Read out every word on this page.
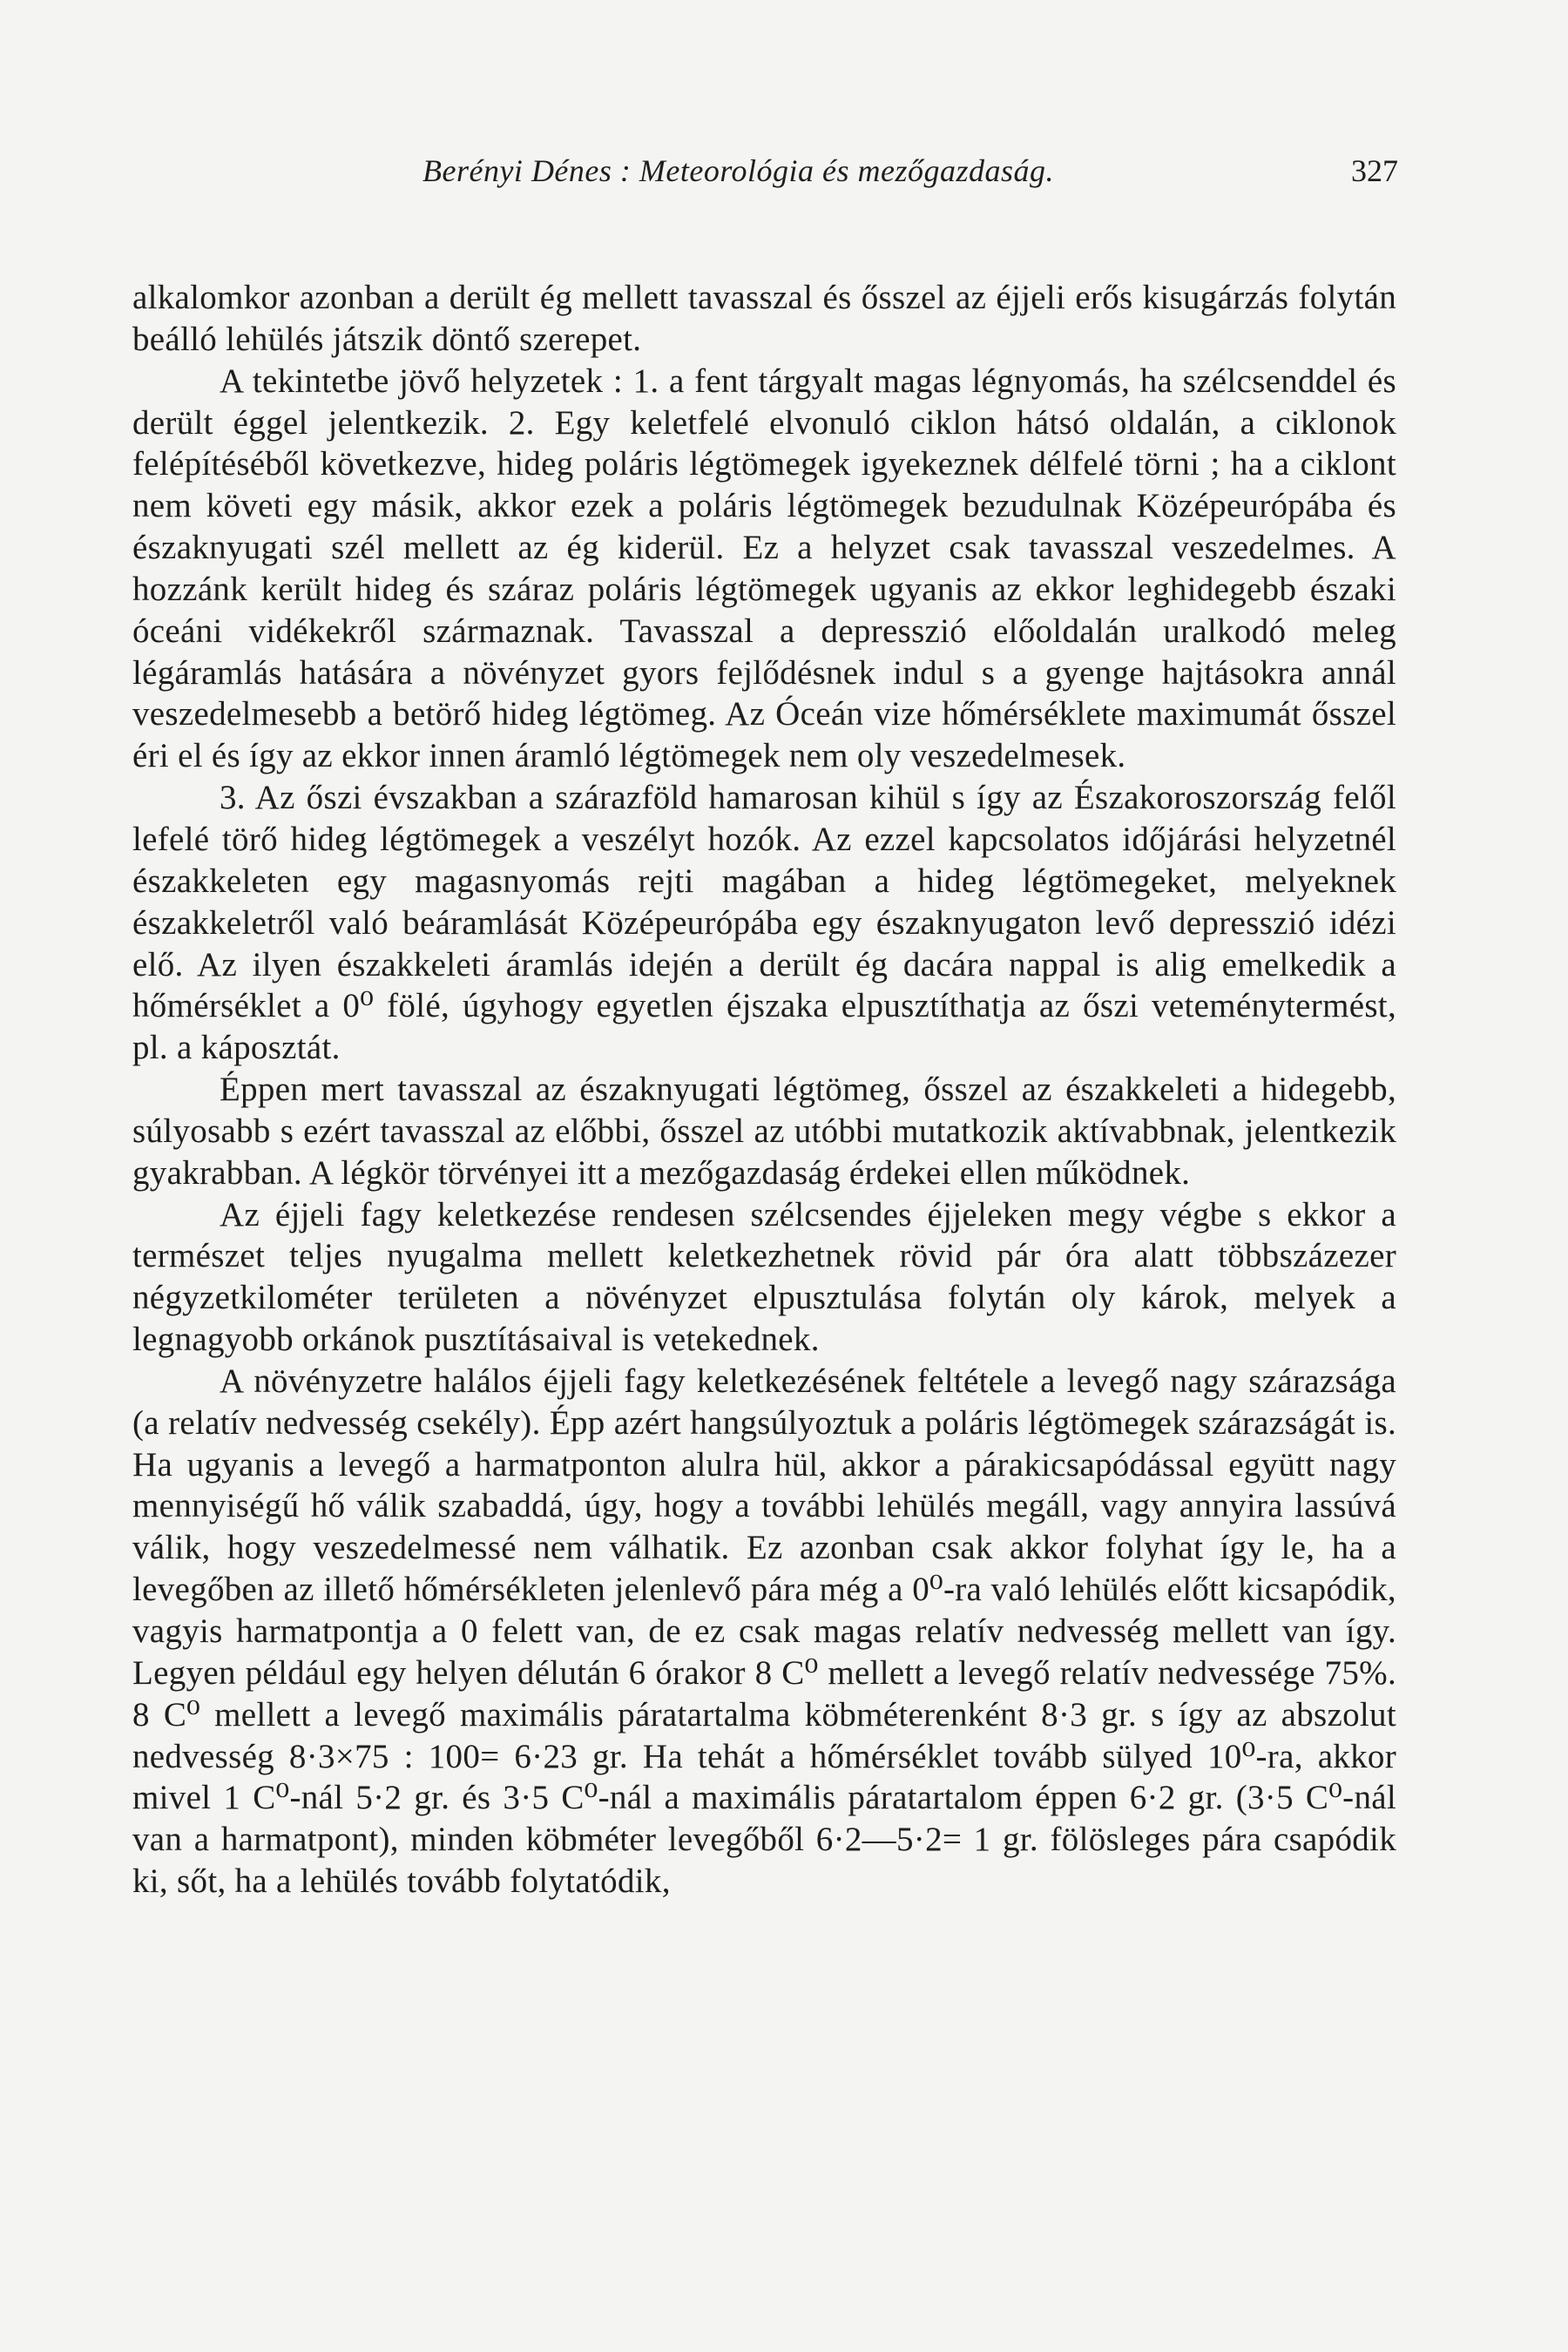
Berényi Dénes : Meteorológia és mezőgazdaság.	327

alkalomkor azonban a derült ég mellett tavasszal és ősszel az éjjeli erős kisugárzás folytán beálló lehülés játszik döntő szerepet.

A tekintetbe jövő helyzetek : 1. a fent tárgyalt magas légnyomás, ha szélcsenddel és derült éggel jelentkezik. 2. Egy keletfelé elvonuló ciklon hátsó oldalán, a ciklonok felépítéséből következve, hideg poláris légtömegek igyekeznek délfelé törni ; ha a ciklont nem követi egy másik, akkor ezek a poláris légtömegek bezudulnak Középeurópába és északnyugati szél mellett az ég kiderül. Ez a helyzet csak tavasszal veszedelmes. A hozzánk került hideg és száraz poláris légtömegek ugyanis az ekkor leghidegebb északi óceáni vidékekről származnak. Tavasszal a depresszió előoldalán uralkodó meleg légáramlás hatására a növényzet gyors fejlődésnek indul s a gyenge hajtásokra annál veszedelmesebb a betörő hideg légtömeg. Az Óceán vize hőmérséklete maximumát ősszel éri el és így az ekkor innen áramló légtömegek nem oly veszedelmesek.

3. Az őszi évszakban a szárazföld hamarosan kihül s így az Északoroszország felől lefelé törő hideg légtömegek a veszélyt hozók. Az ezzel kapcsolatos időjárási helyzetnél északkeleten egy magasnyomás rejti magában a hideg légtömegeket, melyeknek északkeletről való beáramlását Középeurópába egy északnyugaton levő depresszió idézi elő. Az ilyen északkeleti áramlás idején a derült ég dacára nappal is alig emelkedik a hőmérséklet a 0⁰ fölé, úgyhogy egyetlen éjszaka elpusztíthatja az őszi veteménytermést, pl. a káposztát.

Éppen mert tavasszal az északnyugati légtömeg, ősszel az északkeleti a hidegebb, súlyosabb s ezért tavasszal az előbbi, ősszel az utóbbi mutatkozik aktívabbnak, jelentkezik gyakrabban. A légkör törvényei itt a mezőgazdaság érdekei ellen működnek.

Az éjjeli fagy keletkezése rendesen szélcsendes éjjeleken megy végbe s ekkor a természet teljes nyugalma mellett keletkezhetnek rövid pár óra alatt többszázezer négyzetkilométer területen a növényzet elpusztulása folytán oly károk, melyek a legnagyobb orkánok pusztításaival is vetekednek.

A növényzetre halálos éjjeli fagy keletkezésének feltétele a levegő nagy szárazsága (a relatív nedvesség csekély). Épp azért hangsúlyoztuk a poláris légtömegek szárazságát is. Ha ugyanis a levegő a harmatponton alulra hül, akkor a párakicsapódással együtt nagy mennyiségű hő válik szabaddá, úgy, hogy a további lehülés megáll, vagy annyira lassúvá válik, hogy veszedelmessé nem válhatik. Ez azonban csak akkor folyhat így le, ha a levegőben az illető hőmérsékleten jelenlevő pára még a 0⁰-ra való lehülés előtt kicsapódik, vagyis harmatpontja a 0 felett van, de ez csak magas relatív nedvesség mellett van így. Legyen például egy helyen délután 6 órakor 8 C⁰ mellett a levegő relatív nedvessége 75%. 8 C⁰ mellett a levegő maximális páratartalma köbméterenként 8·3 gr. s így az abszolut nedvesség 8·3×75 : 100= 6·23 gr. Ha tehát a hőmérséklet tovább sülyed 10⁰-ra, akkor mivel 1 C⁰-nál 5·2 gr. és 3·5 C⁰-nál a maximális páratartalom éppen 6·2 gr. (3·5 C⁰-nál van a harmatpont), minden köbméter levegőből 6·2—5·2= 1 gr. fölösleges pára csapódik ki, sőt, ha a lehülés tovább folytatódik,
